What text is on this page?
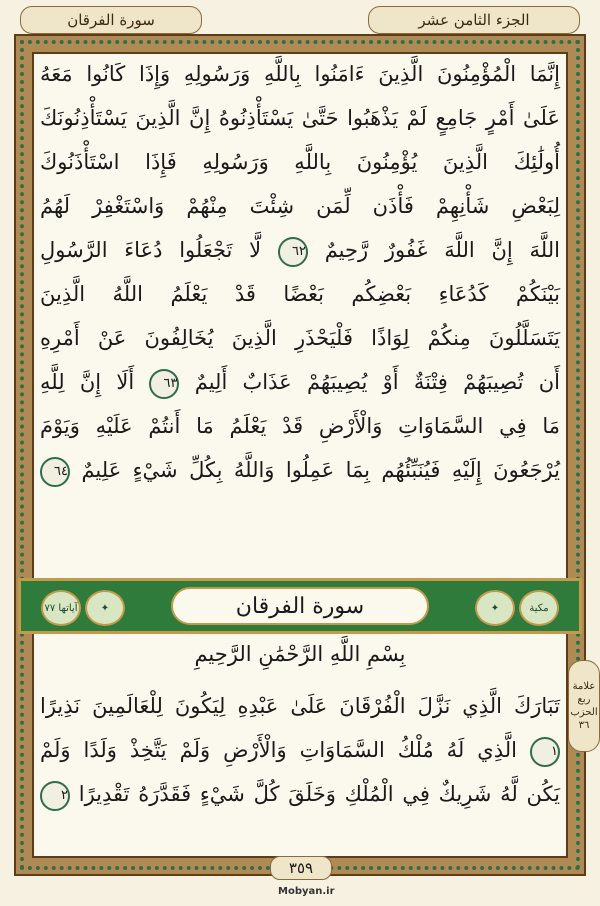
الجزء الثامن عشر
سورة الفرقان
إِنَّمَا الْمُؤْمِنُونَ الَّذِينَ ءَامَنُوا بِاللَّهِ وَرَسُولِهِ وَإِذَا كَانُوا مَعَهُ
عَلَىٰ أَمْرٍ جَامِعٍ لَمْ يَذْهَبُوا حَتَّىٰ يَسْتَأْذِنُوهُ إِنَّ الَّذِينَ يَسْتَأْذِنُونَكَ
أُولَٰئِكَ الَّذِينَ يُؤْمِنُونَ بِاللَّهِ وَرَسُولِهِ فَإِذَا اسْتَأْذَنُوكَ
لِبَعْضِ شَأْنِهِمْ فَأْذَن لِّمَن شِئْتَ مِنْهُمْ وَاسْتَغْفِرْ لَهُمُ
اللَّهَ إِنَّ اللَّهَ غَفُورٌ رَّحِيمٌ ٦٢ لَّا تَجْعَلُوا دُعَاءَ الرَّسُولِ
بَيْنَكُمْ كَدُعَاءِ بَعْضِكُم بَعْضًا قَدْ يَعْلَمُ اللَّهُ الَّذِينَ
يَتَسَلَّلُونَ مِنكُمْ لِوَاذًا فَلْيَحْذَرِ الَّذِينَ يُخَالِفُونَ عَنْ أَمْرِهِ
أَن تُصِيبَهُمْ فِتْنَةٌ أَوْ يُصِيبَهُمْ عَذَابٌ أَلِيمٌ ٦٣ أَلَا إِنَّ لِلَّهِ
مَا فِي السَّمَاوَاتِ وَالْأَرْضِ قَدْ يَعْلَمُ مَا أَنتُمْ عَلَيْهِ وَيَوْمَ
يُرْجَعُونَ إِلَيْهِ فَيُنَبِّئُهُم بِمَا عَمِلُوا وَاللَّهُ بِكُلِّ شَيْءٍ عَلِيمٌ ٦٤
مكية
✦
سورة الفرقان
✦
آياتها ٧٧
بِسْمِ اللَّهِ الرَّحْمَٰنِ الرَّحِيمِ
تَبَارَكَ الَّذِي نَزَّلَ الْفُرْقَانَ عَلَىٰ عَبْدِهِ لِيَكُونَ لِلْعَالَمِينَ نَذِيرًا
١ الَّذِي لَهُ مُلْكُ السَّمَاوَاتِ وَالْأَرْضِ وَلَمْ يَتَّخِذْ وَلَدًا وَلَمْ
يَكُن لَّهُ شَرِيكٌ فِي الْمُلْكِ وَخَلَقَ كُلَّ شَيْءٍ فَقَدَّرَهُ تَقْدِيرًا ٢
علامة ربع
الحزب
٣٦
٣٥٩
Mobyan.ir
